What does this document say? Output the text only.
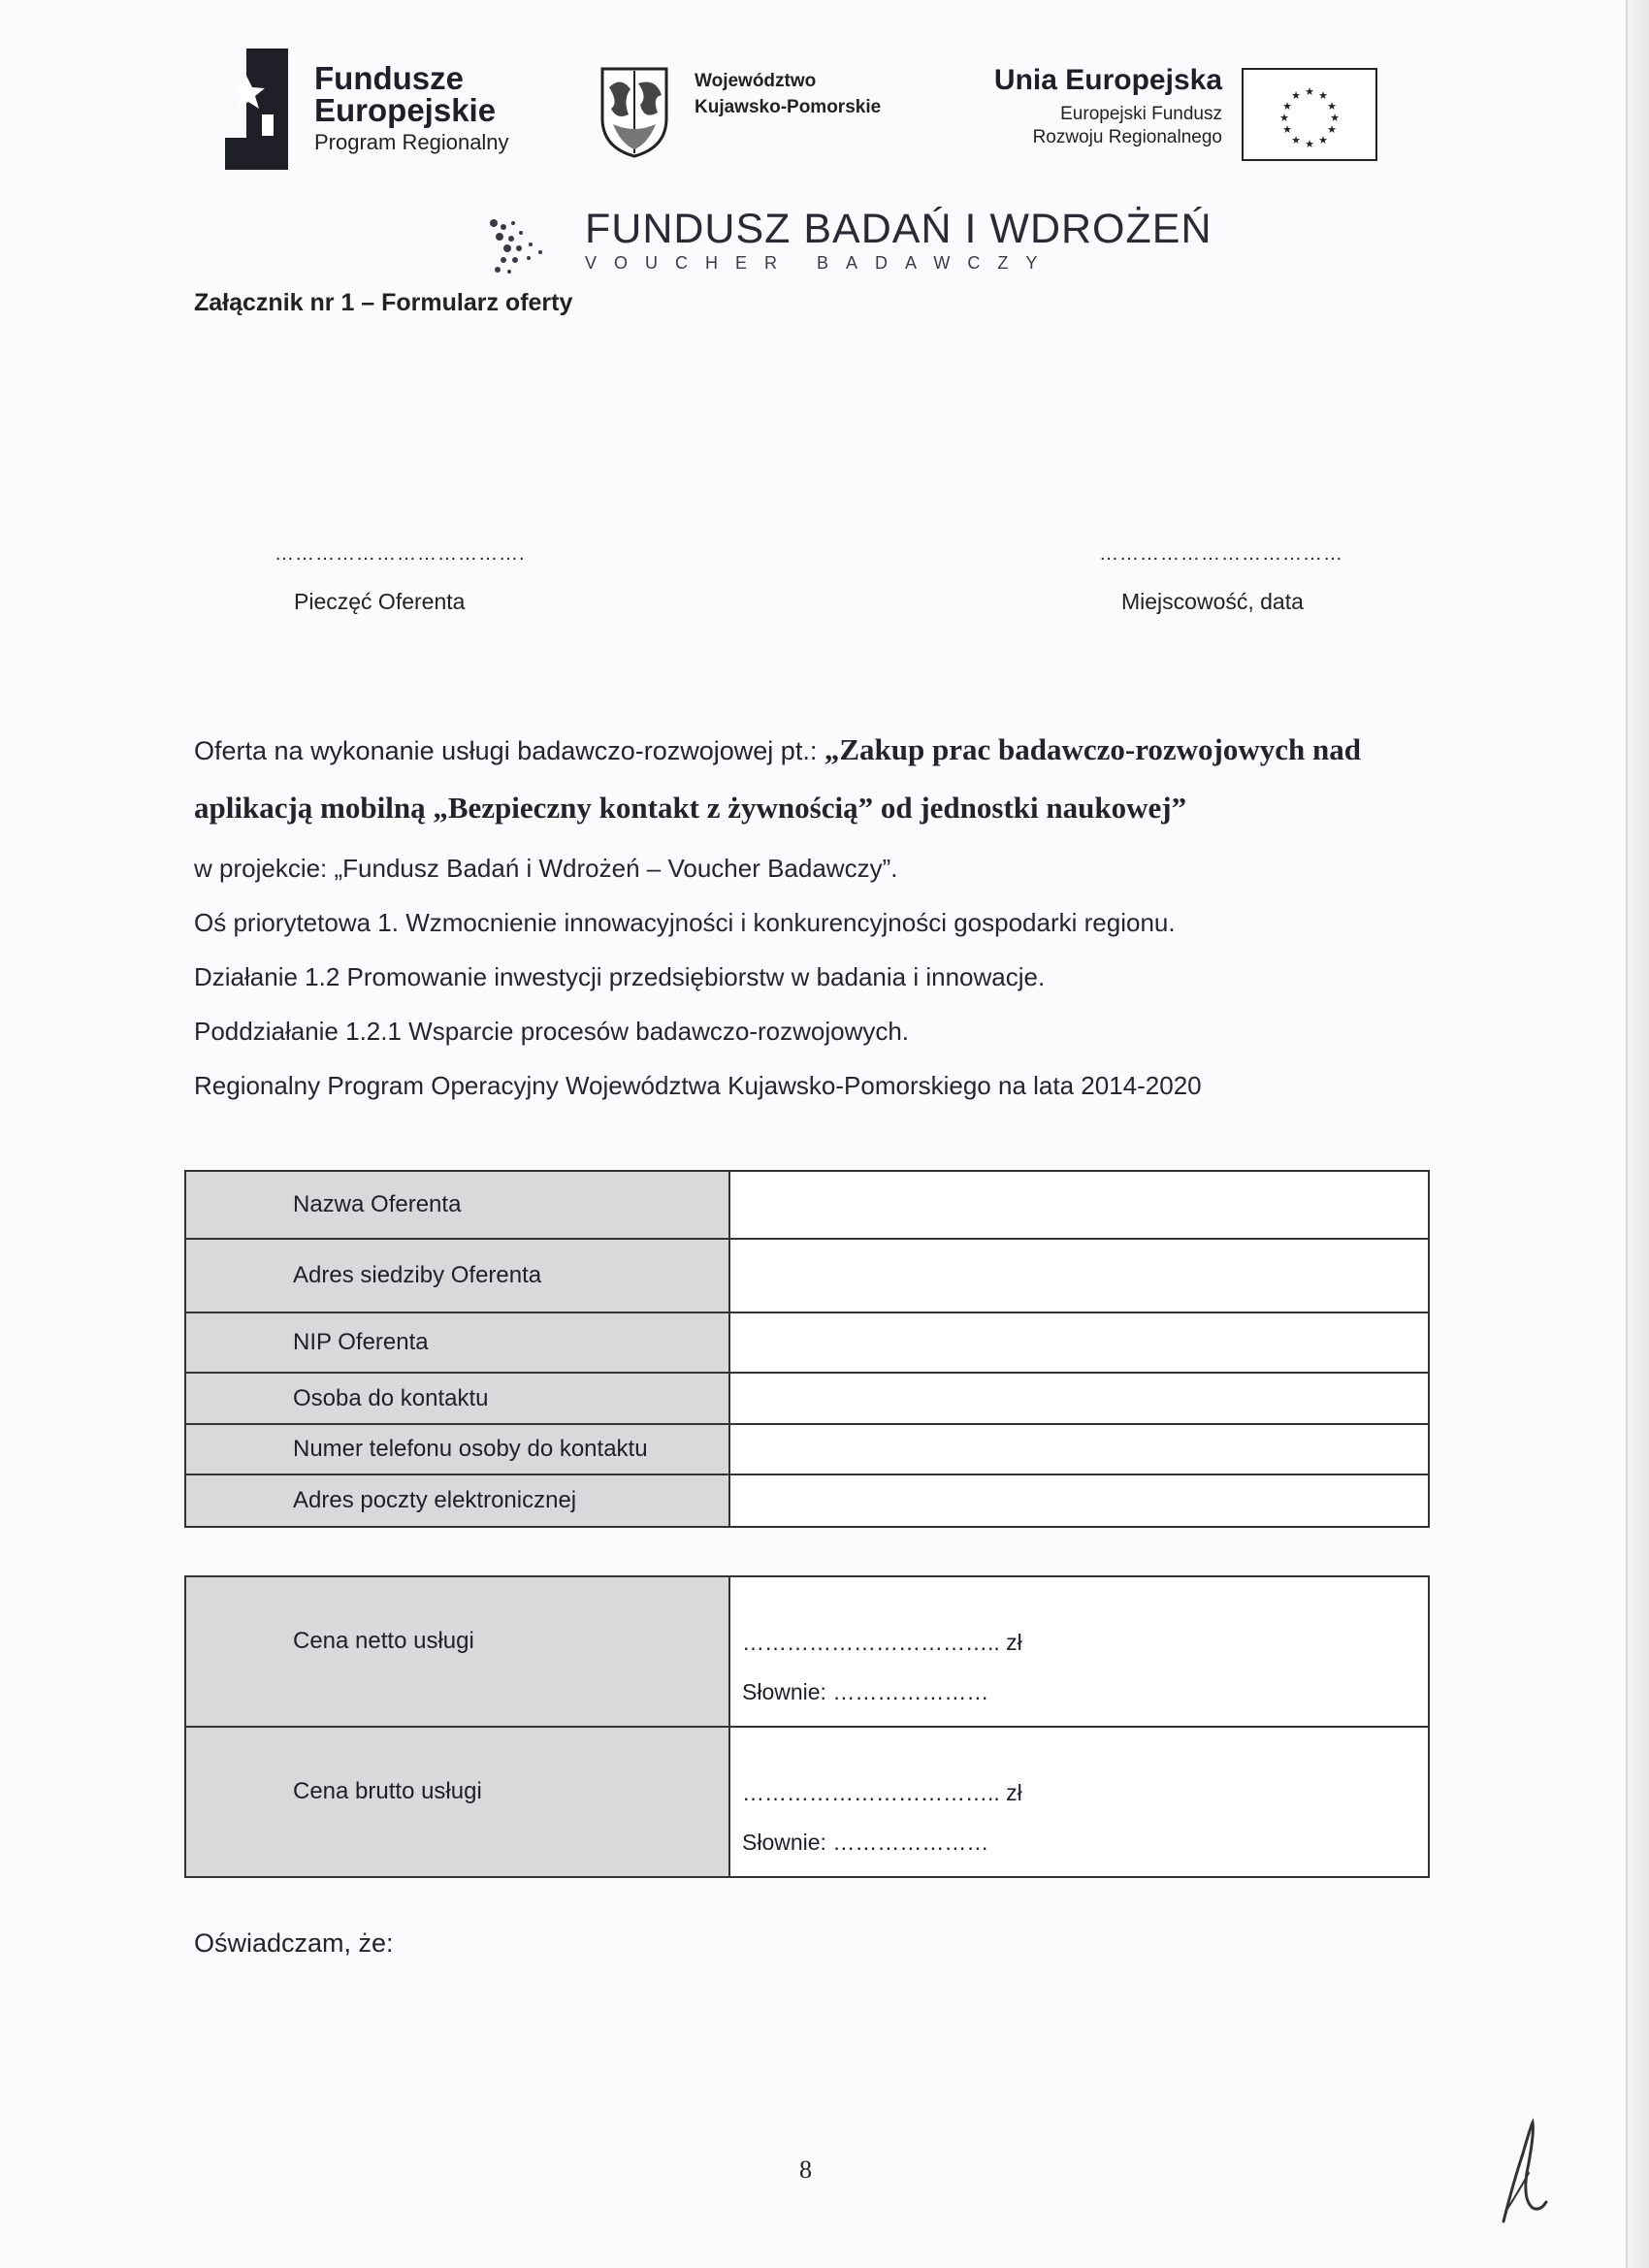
Fundusze
Europejskie
Program Regionalny
Województwo
Kujawsko-Pomorskie
Unia Europejska
Europejski Fundusz
Rozwoju Regionalnego
★ ★
★
★
★
★
★
★
★
★
★
★
FUNDUSZ BADAŃ I WDROŻEŃ
VOUCHER BADAWCZY
Załącznik nr 1 – Formularz oferty
……………………………….	………………………………
Pieczęć Oferenta	Miejscowość, data
Oferta na wykonanie usługi badawczo-rozwojowej pt.: „Zakup prac badawczo-rozwojowych nad
aplikacją mobilną „Bezpieczny kontakt z żywnością” od jednostki naukowej”
w projekcie: „Fundusz Badań i Wdrożeń – Voucher Badawczy”.
Oś priorytetowa 1. Wzmocnienie innowacyjności i konkurencyjności gospodarki regionu.
Działanie 1.2 Promowanie inwestycji przedsiębiorstw w badania i innowacje.
Poddziałanie 1.2.1 Wsparcie procesów badawczo-rozwojowych.
Regionalny Program Operacyjny Województwa Kujawsko-Pomorskiego na lata 2014-2020
Nazwa Oferenta	
Adres siedziby Oferenta	
NIP Oferenta	
Osoba do kontaktu	
Numer telefonu osoby do kontaktu	
Adres poczty elektronicznej	
Cena netto usługi	…………………………….. zł
Słownie: …………………

Cena brutto usługi	…………………………….. zł
Słownie: …………………
Oświadczam, że:
8
